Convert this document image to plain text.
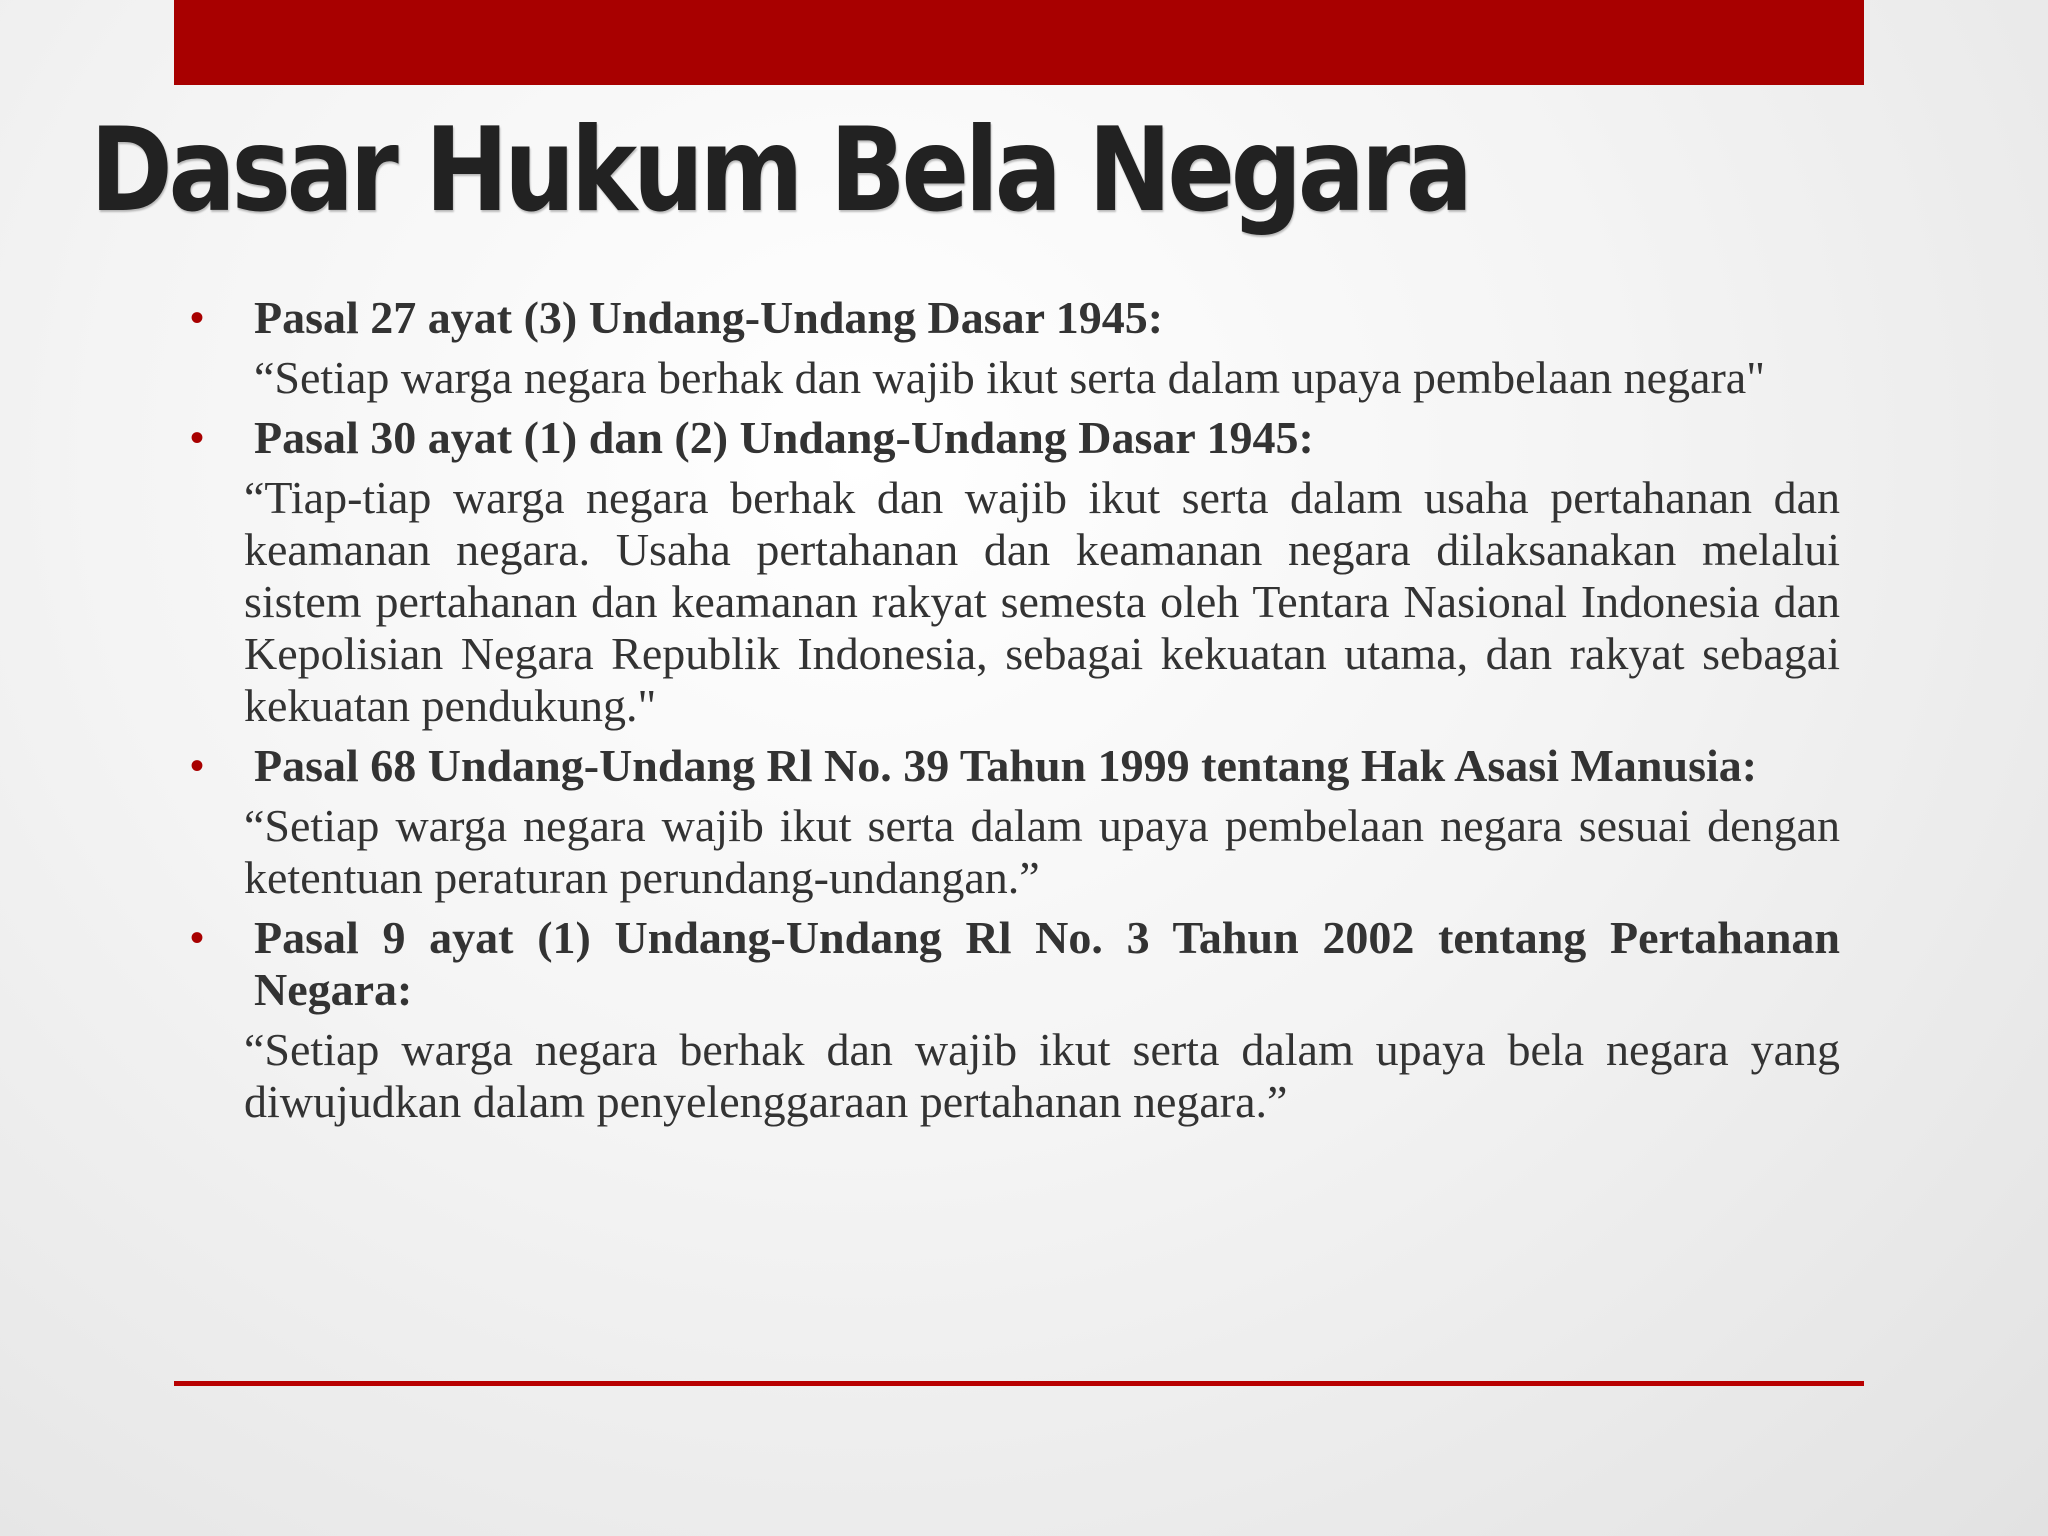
Dasar Hukum Bela Negara

• Pasal 27 ayat (3) Undang-Undang Dasar 1945:

“Setiap warga negara berhak dan wajib ikut serta dalam upaya pembelaan negara"

• Pasal 30 ayat (1) dan (2) Undang-Undang Dasar 1945:

“Tiap-tiap warga negara berhak dan wajib ikut serta dalam usaha pertahanan dan keamanan negara. Usaha pertahanan dan keamanan negara dilaksanakan melalui sistem pertahanan dan keamanan rakyat semesta oleh Tentara Nasional Indonesia dan Kepolisian Negara Republik Indonesia, sebagai kekuatan utama, dan rakyat sebagai kekuatan pendukung."

• Pasal 68 Undang-Undang Rl No. 39 Tahun 1999 tentang Hak Asasi Manusia:

“Setiap warga negara wajib ikut serta dalam upaya pembelaan negara sesuai dengan ketentuan peraturan perundang-undangan.”

• Pasal 9 ayat (1) Undang-Undang Rl No. 3 Tahun 2002 tentang Pertahanan Negara:

“Setiap warga negara berhak dan wajib ikut serta dalam upaya bela negara yang diwujudkan dalam penyelenggaraan pertahanan negara.”
